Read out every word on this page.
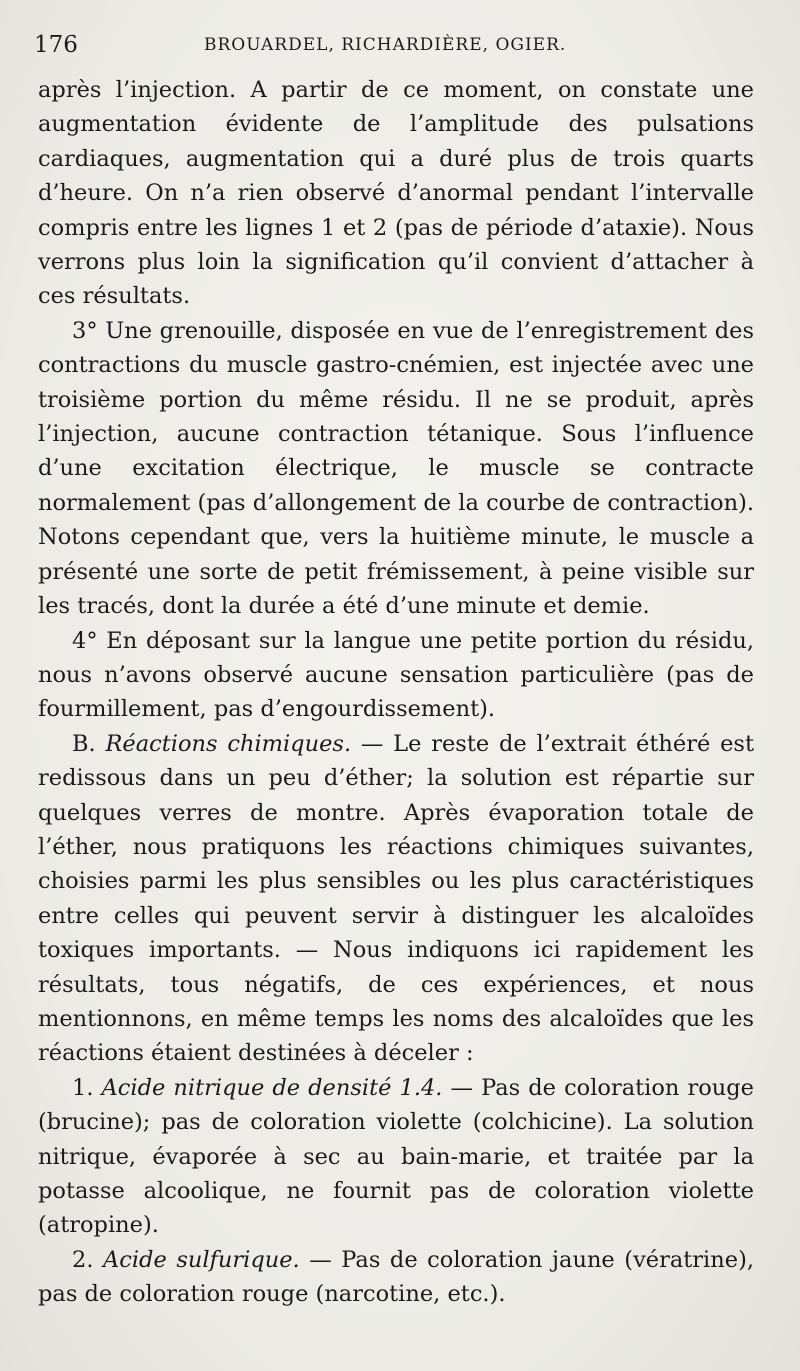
176	BROUARDEL, RICHARDIÈRE, OGIER.

après l’injection. A partir de ce moment, on constate une augmentation évidente de l’amplitude des pulsations cardiaques, augmentation qui a duré plus de trois quarts d’heure. On n’a rien observé d’anormal pendant l’intervalle compris entre les lignes 1 et 2 (pas de période d’ataxie). Nous verrons plus loin la signification qu’il convient d’attacher à ces résultats.

3° Une grenouille, disposée en vue de l’enregistrement des contractions du muscle gastro-cnémien, est injectée avec une troisième portion du même résidu. Il ne se produit, après l’injection, aucune contraction tétanique. Sous l’influence d’une excitation électrique, le muscle se contracte normalement (pas d’allongement de la courbe de contraction). Notons cependant que, vers la huitième minute, le muscle a présenté une sorte de petit frémissement, à peine visible sur les tracés, dont la durée a été d’une minute et demie.

4° En déposant sur la langue une petite portion du résidu, nous n’avons observé aucune sensation particulière (pas de fourmillement, pas d’engourdissement).

B. Réactions chimiques. — Le reste de l’extrait éthéré est redissous dans un peu d’éther; la solution est répartie sur quelques verres de montre. Après évaporation totale de l’éther, nous pratiquons les réactions chimiques suivantes, choisies parmi les plus sensibles ou les plus caractéristiques entre celles qui peuvent servir à distinguer les alcaloïdes toxiques importants. — Nous indiquons ici rapidement les résultats, tous négatifs, de ces expériences, et nous mentionnons, en même temps les noms des alcaloïdes que les réactions étaient destinées à déceler :

1. Acide nitrique de densité 1.4. — Pas de coloration rouge (brucine); pas de coloration violette (colchicine). La solution nitrique, évaporée à sec au bain-marie, et traitée par la potasse alcoolique, ne fournit pas de coloration violette (atropine).

2. Acide sulfurique. — Pas de coloration jaune (vératrine), pas de coloration rouge (narcotine, etc.).
